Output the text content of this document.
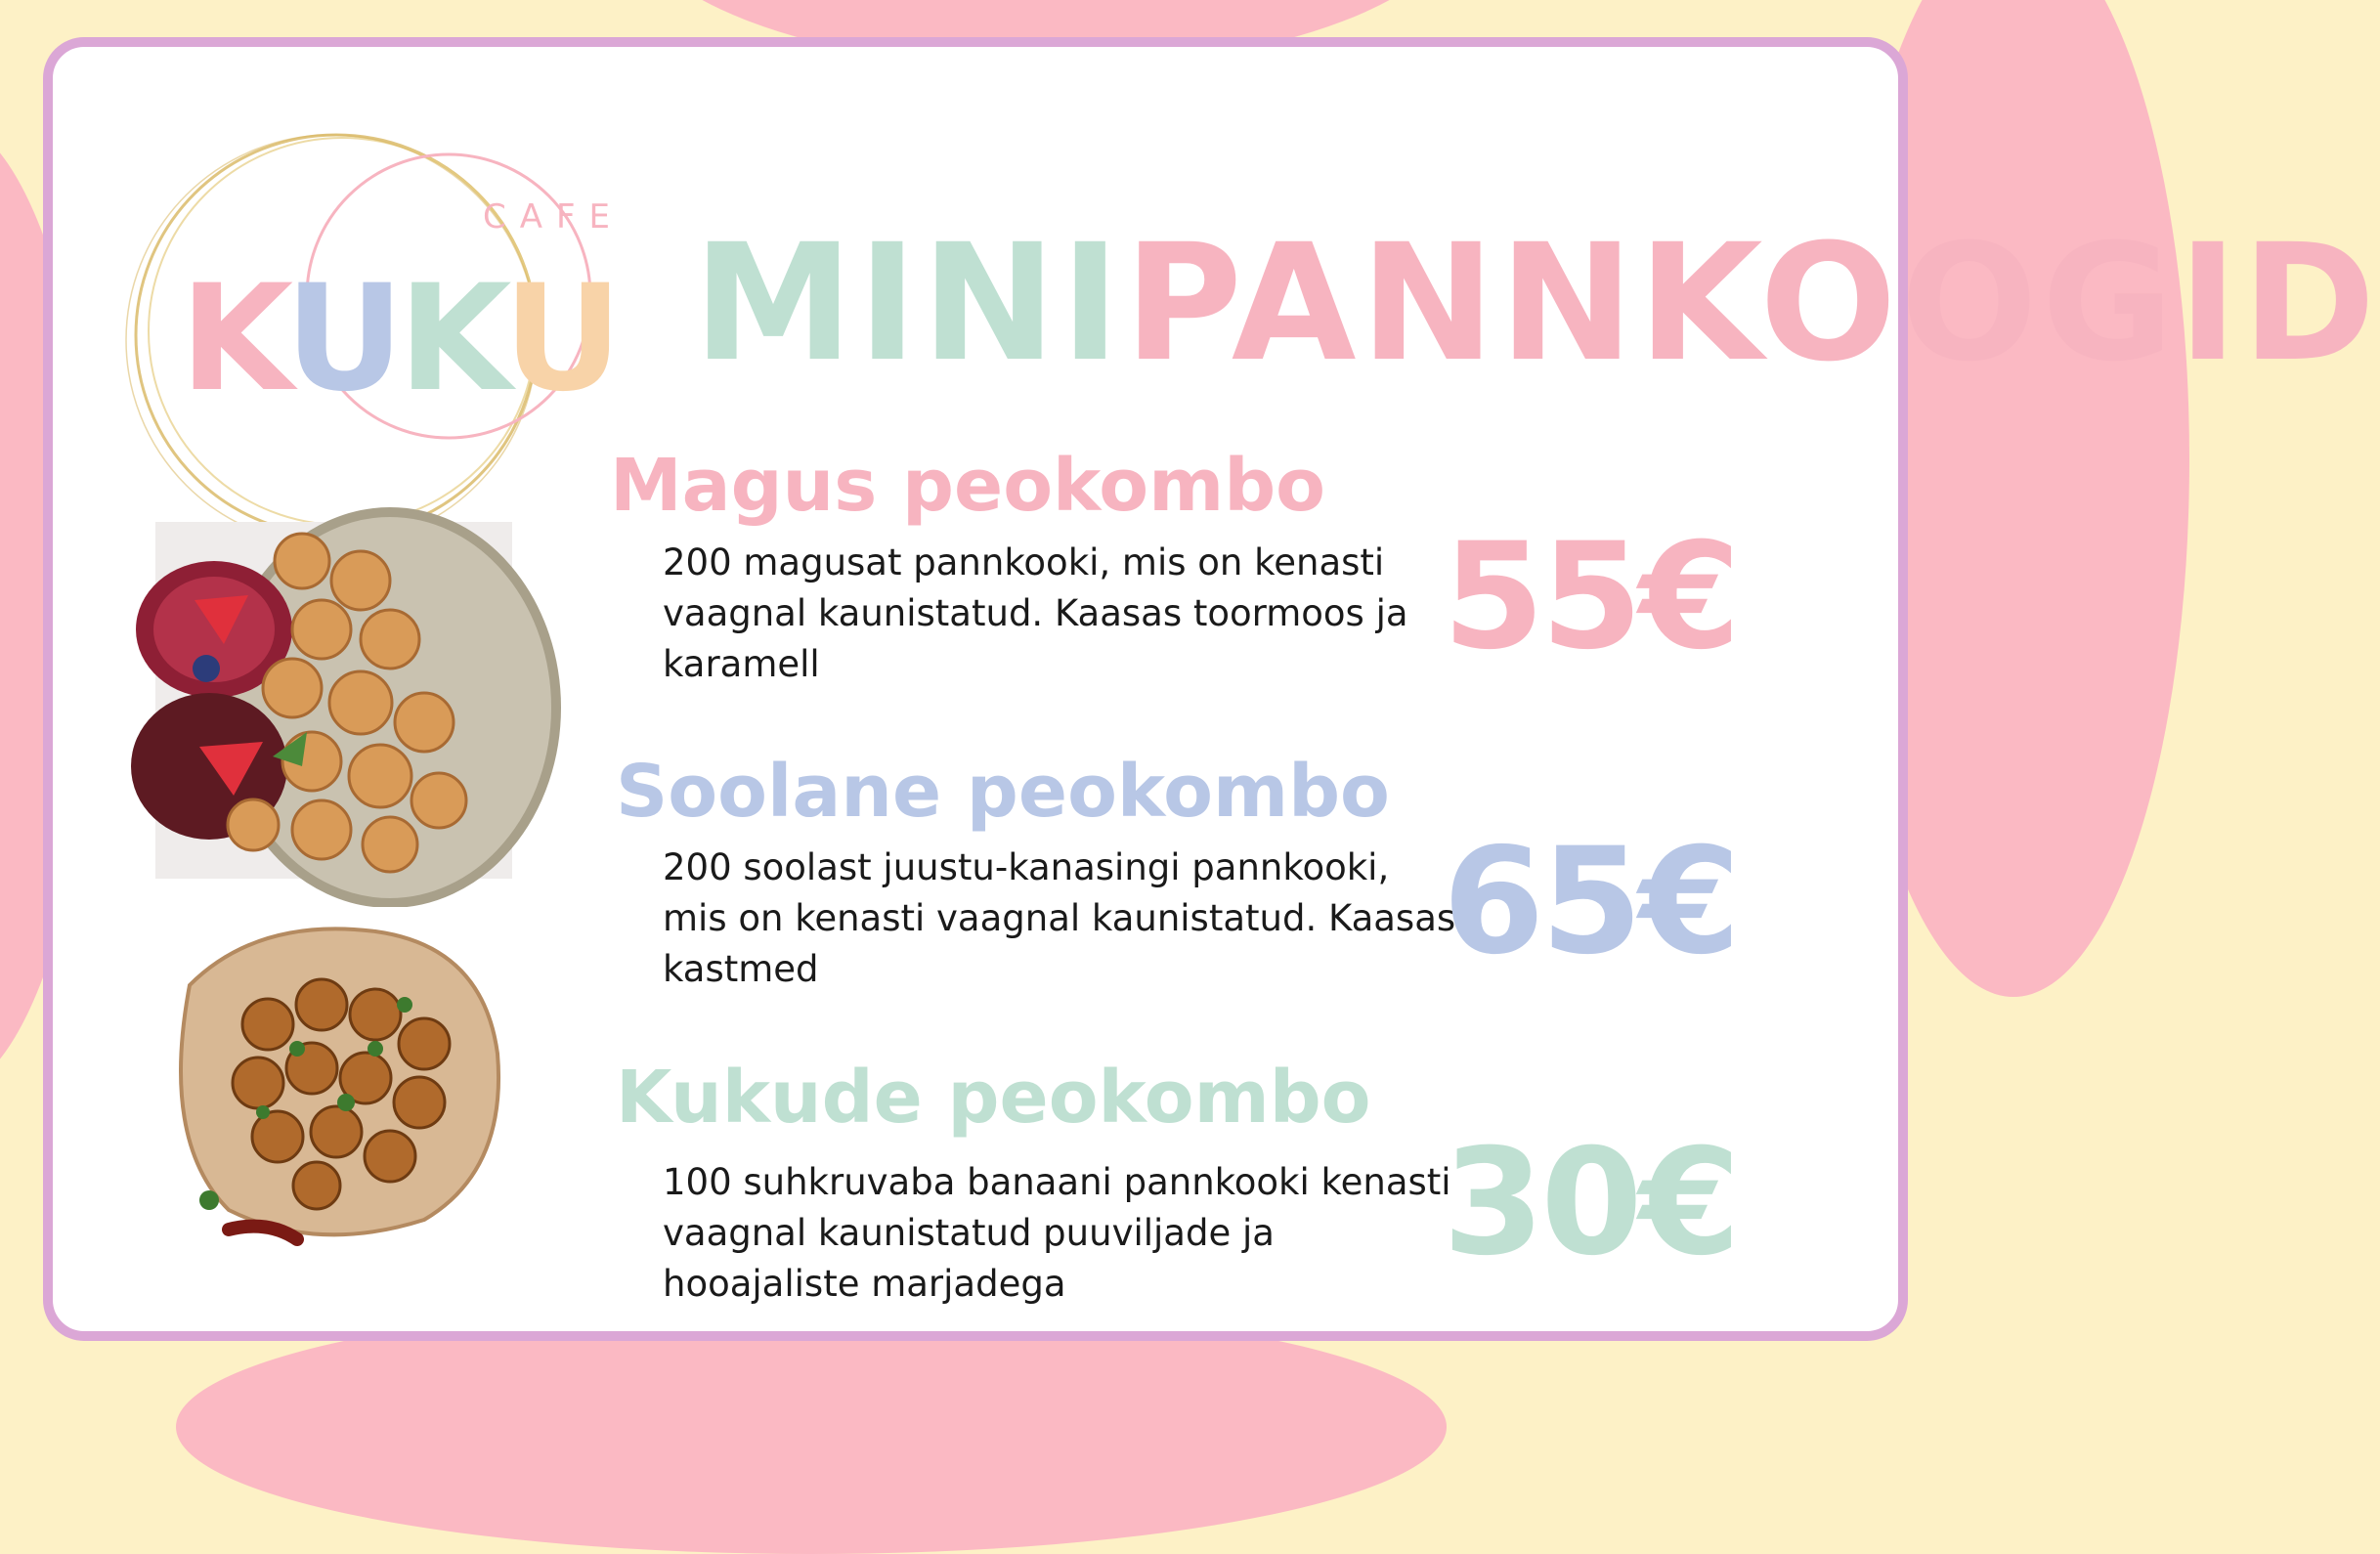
CAFE
KUKU MINIPANNKOOGID
Magus peokombo
200 magusat pannkooki, mis on kenasti vaagnal kaunistatud. Kaasas toormoos ja karamell	55€
Soolane peokombo
200 soolast juustu-kanasingi pannkooki, mis on kenasti vaagnal kaunistatud. Kaasas kastmed	65€
Kukude peokombo
100 suhkruvaba banaani pannkooki kenasti vaagnal kaunistatud puuviljade ja hooajaliste marjadega	30€
